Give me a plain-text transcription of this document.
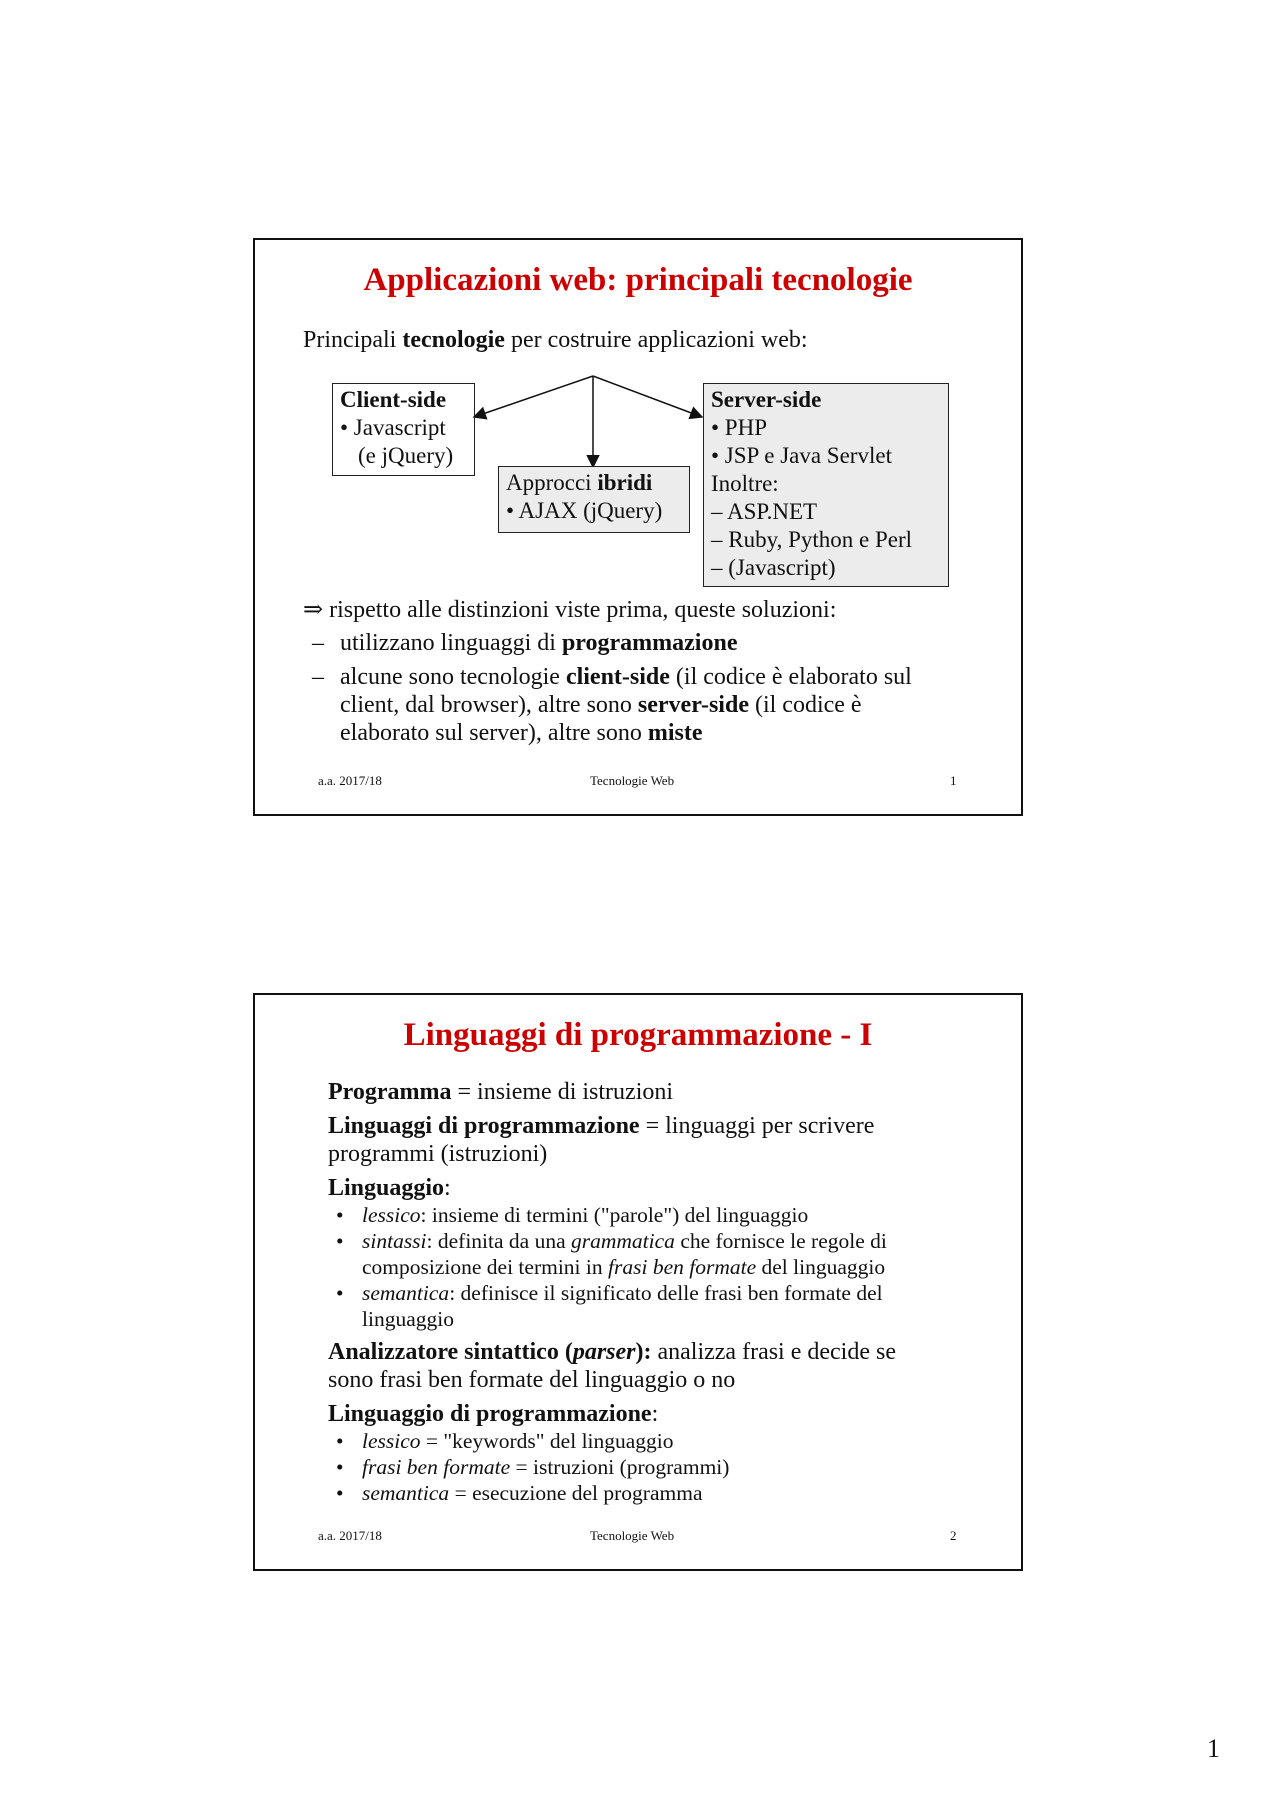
Applicazioni web: principali tecnologie
Principali tecnologie per costruire applicazioni web:
Client-side
• Javascript
(e jQuery)
Approcci ibridi
• AJAX (jQuery)
Server-side
• PHP
• JSP e Java Servlet
Inoltre:
– ASP.NET
– Ruby, Python e Perl
– (Javascript)
⇒ rispetto alle distinzioni viste prima, queste soluzioni:
– utilizzano linguaggi di programmazione
– alcune sono tecnologie client-side (il codice è elaborato sul
client, dal browser), altre sono server-side (il codice è
elaborato sul server), altre sono miste
a.a. 2017/18	Tecnologie Web	1
Linguaggi di programmazione - I
Programma = insieme di istruzioni
Linguaggi di programmazione = linguaggi per scrivere
programmi (istruzioni)
Linguaggio:
• lessico: insieme di termini ("parole") del linguaggio
• sintassi: definita da una grammatica che fornisce le regole di
composizione dei termini in frasi ben formate del linguaggio
• semantica: definisce il significato delle frasi ben formate del
linguaggio
Analizzatore sintattico (parser): analizza frasi e decide se
sono frasi ben formate del linguaggio o no
Linguaggio di programmazione:
• lessico = "keywords" del linguaggio
• frasi ben formate = istruzioni (programmi)
• semantica = esecuzione del programma
a.a. 2017/18	Tecnologie Web	2
1
